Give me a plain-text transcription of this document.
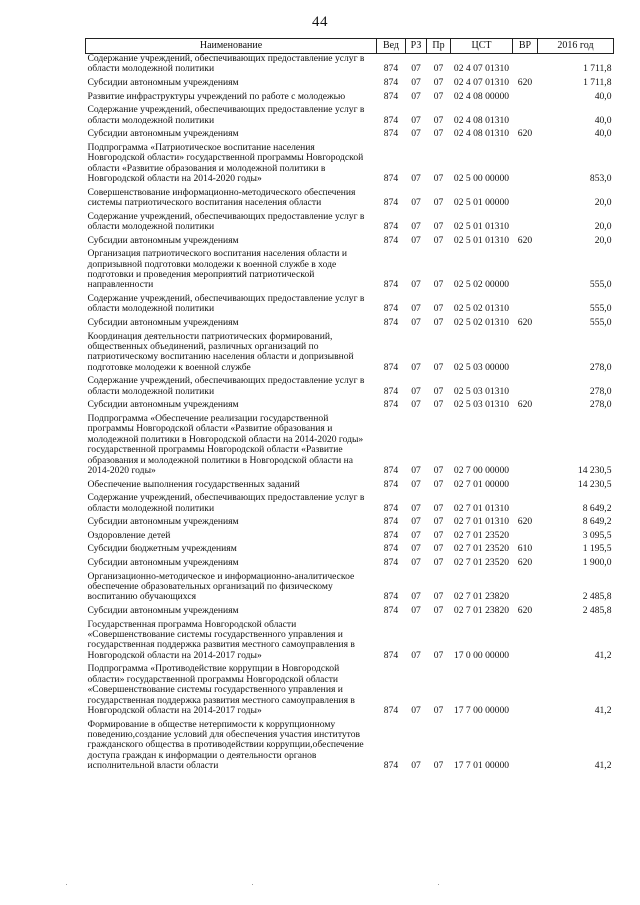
44
Наименование	Вед	РЗ	Пр	ЦСТ	ВР	2016 год
Содержание учреждений, обеспечивающих предоставление услуг в области молодежной политики	874	07	07	02 4 07 01310		1 711,8
Субсидии автономным учреждениям	874	07	07	02 4 07 01310	620	1 711,8
Развитие инфраструктуры учреждений по работе с молодежью	874	07	07	02 4 08 00000		40,0
Содержание учреждений, обеспечивающих предоставление услуг в области молодежной политики	874	07	07	02 4 08 01310		40,0
Субсидии автономным учреждениям	874	07	07	02 4 08 01310	620	40,0
Подпрограмма «Патриотическое воспитание населения Новгородской области» государственной программы Новгородской области «Развитие образования и молодежной политики в Новгородской области на 2014-2020 годы»	874	07	07	02 5 00 00000		853,0
Совершенствование информационно-методического обеспечения системы патриотического воспитания населения области	874	07	07	02 5 01 00000		20,0
Содержание учреждений, обеспечивающих предоставление услуг в области молодежной политики	874	07	07	02 5 01 01310		20,0
Субсидии автономным учреждениям	874	07	07	02 5 01 01310	620	20,0
Организация патриотического воспитания населения области и допризывной подготовки молодежи к военной службе в ходе подготовки и проведения мероприятий патриотической направленности	874	07	07	02 5 02 00000		555,0
Содержание учреждений, обеспечивающих предоставление услуг в области молодежной политики	874	07	07	02 5 02 01310		555,0
Субсидии автономным учреждениям	874	07	07	02 5 02 01310	620	555,0
Координация деятельности патриотических формирований, общественных объединений, различных организаций по патриотическому воспитанию населения области и допризывной подготовке молодежи к военной службе	874	07	07	02 5 03 00000		278,0
Содержание учреждений, обеспечивающих предоставление услуг в области молодежной политики	874	07	07	02 5 03 01310		278,0
Субсидии автономным учреждениям	874	07	07	02 5 03 01310	620	278,0
Подпрограмма «Обеспечение реализации государственной программы Новгородской области «Развитие образования и молодежной политики в Новгородской области на 2014-2020 годы» государственной программы Новгородской области «Развитие образования и молодежной политики в Новгородской области на 2014-2020 годы»	874	07	07	02 7 00 00000		14 230,5
Обеспечение выполнения государственных заданий	874	07	07	02 7 01 00000		14 230,5
Содержание учреждений, обеспечивающих предоставление услуг в области молодежной политики	874	07	07	02 7 01 01310		8 649,2
Субсидии автономным учреждениям	874	07	07	02 7 01 01310	620	8 649,2
Оздоровление детей	874	07	07	02 7 01 23520		3 095,5
Субсидии бюджетным учреждениям	874	07	07	02 7 01 23520	610	1 195,5
Субсидии автономным учреждениям	874	07	07	02 7 01 23520	620	1 900,0
Организационно-методическое и информационно-аналитическое обеспечение образовательных организаций по физическому воспитанию обучающихся	874	07	07	02 7 01 23820		2 485,8
Субсидии автономным учреждениям	874	07	07	02 7 01 23820	620	2 485,8
Государственная программа Новгородской области «Совершенствование системы государственного управления и государственная поддержка развития местного самоуправления в Новгородской области на 2014-2017 годы»	874	07	07	17 0 00 00000		41,2
Подпрограмма «Противодействие коррупции в Новгородской области» государственной программы Новгородской области «Совершенствование системы государственного управления и государственная поддержка развития местного самоуправления в Новгородской области на 2014-2017 годы»	874	07	07	17 7 00 00000		41,2
Формирование в обществе нетерпимости к коррупционному поведению,создание условий для обеспечения участия институтов гражданского общества в противодействии коррупции,обеспечение доступа граждан к информации о деятельности органов исполнительной власти области	874	07	07	17 7 01 00000		41,2
